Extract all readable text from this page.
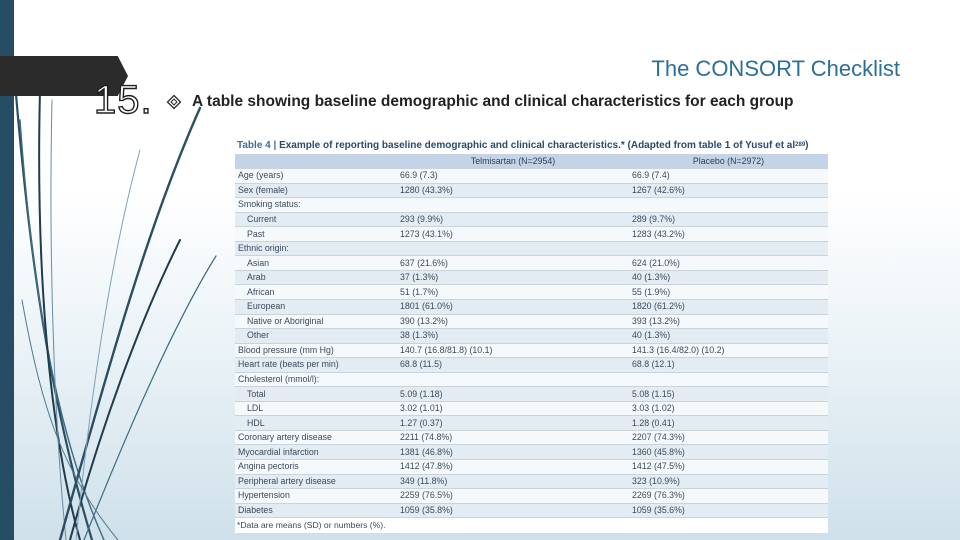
15.
The CONSORT Checklist
A table showing baseline demographic and clinical characteristics for each group
Table 4 | Example of reporting baseline demographic and clinical characteristics.* (Adapted from table 1 of Yusuf et $al^{289}$)
	Telmisartan (N=2954)	Placebo (N=2972)
Age (years)	66.9 (7.3)	66.9 (7.4)
Sex (female)	1280 (43.3%)	1267 (42.6%)
Smoking status:		
Current	293 (9.9%)	289 (9.7%)
Past	1273 (43.1%)	1283 (43.2%)
Ethnic origin:		
Asian	637 (21.6%)	624 (21.0%)
Arab	37 (1.3%)	40 (1.3%)
African	51 (1.7%)	55 (1.9%)
European	1801 (61.0%)	1820 (61.2%)
Native or Aboriginal	390 (13.2%)	393 (13.2%)
Other	38 (1.3%)	40 (1.3%)
Blood pressure (mm Hg)	140.7 (16.8/81.8) (10.1)	141.3 (16.4/82.0) (10.2)
Heart rate (beats per min)	68.8 (11.5)	68.8 (12.1)
Cholesterol (mmol/l):		
Total	5.09 (1.18)	5.08 (1.15)
LDL	3.02 (1.01)	3.03 (1.02)
HDL	1.27 (0.37)	1.28 (0.41)
Coronary artery disease	2211 (74.8%)	2207 (74.3%)
Myocardial infarction	1381 (46.8%)	1360 (45.8%)
Angina pectoris	1412 (47.8%)	1412 (47.5%)
Peripheral artery disease	349 (11.8%)	323 (10.9%)
Hypertension	2259 (76.5%)	2269 (76.3%)
Diabetes	1059 (35.8%)	1059 (35.6%)
*Data are means (SD) or numbers (%).
